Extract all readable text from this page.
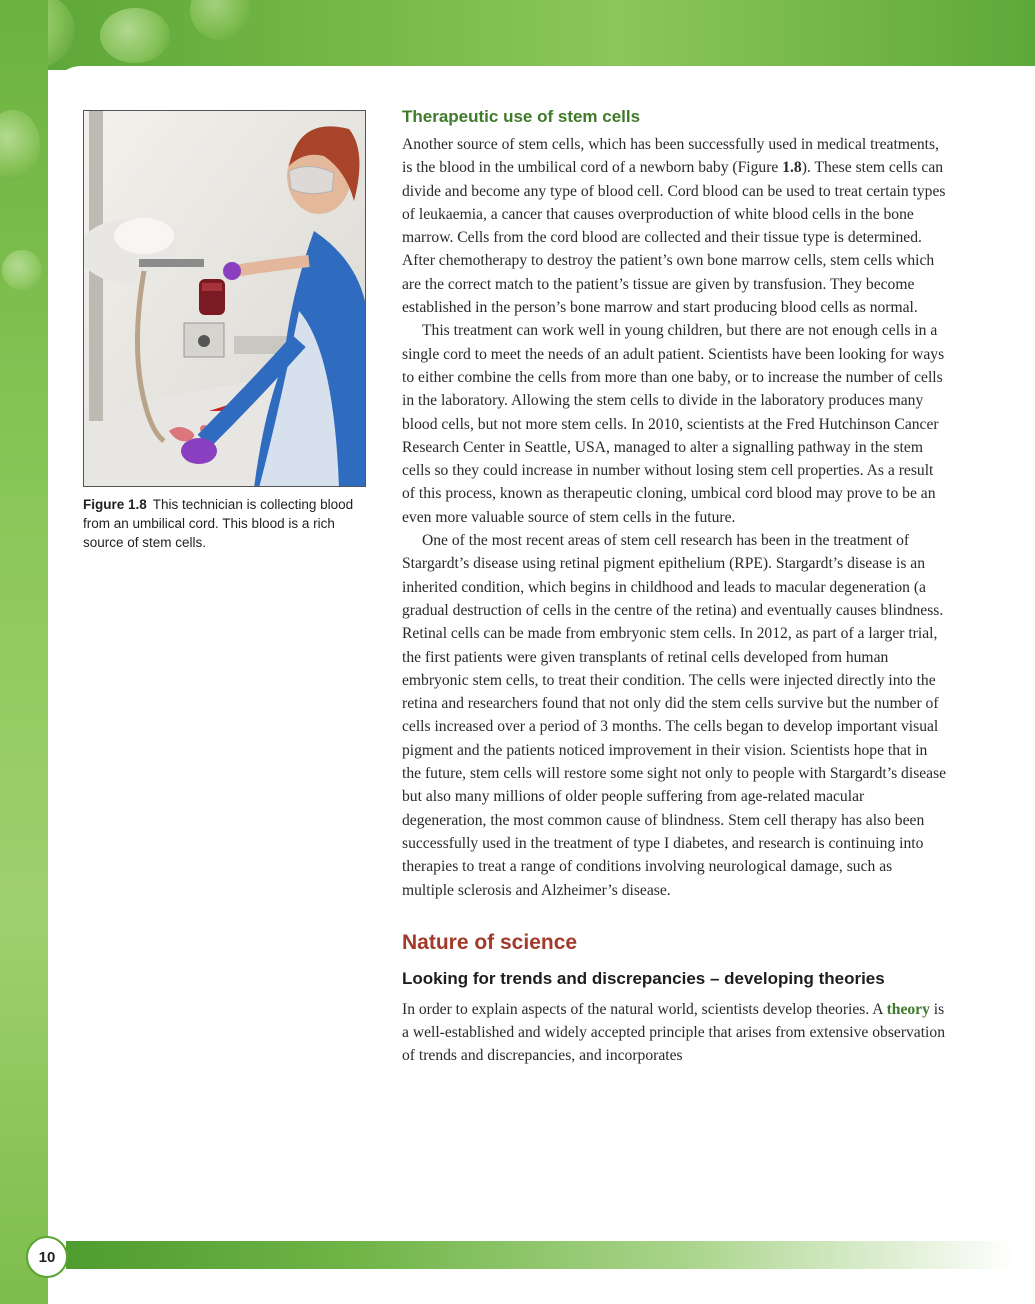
Figure 1.8 This technician is collecting blood from an umbilical cord. This blood is a rich source of stem cells.
Therapeutic use of stem cells

Another source of stem cells, which has been successfully used in medical treatments, is the blood in the umbilical cord of a newborn baby (Figure 1.8). These stem cells can divide and become any type of blood cell. Cord blood can be used to treat certain types of leukaemia, a cancer that causes overproduction of white blood cells in the bone marrow. Cells from the cord blood are collected and their tissue type is determined. After chemotherapy to destroy the patient’s own bone marrow cells, stem cells which are the correct match to the patient’s tissue are given by transfusion. They become established in the person’s bone marrow and start producing blood cells as normal.

This treatment can work well in young children, but there are not enough cells in a single cord to meet the needs of an adult patient. Scientists have been looking for ways to either combine the cells from more than one baby, or to increase the number of cells in the laboratory. Allowing the stem cells to divide in the laboratory produces many blood cells, but not more stem cells. In 2010, scientists at the Fred Hutchinson Cancer Research Center in Seattle, USA, managed to alter a signalling pathway in the stem cells so they could increase in number without losing stem cell properties. As a result of this process, known as therapeutic cloning, umbical cord blood may prove to be an even more valuable source of stem cells in the future.

One of the most recent areas of stem cell research has been in the treatment of Stargardt’s disease using retinal pigment epithelium (RPE). Stargardt’s disease is an inherited condition, which begins in childhood and leads to macular degeneration (a gradual destruction of cells in the centre of the retina) and eventually causes blindness. Retinal cells can be made from embryonic stem cells. In 2012, as part of a larger trial, the first patients were given transplants of retinal cells developed from human embryonic stem cells, to treat their condition. The cells were injected directly into the retina and researchers found that not only did the stem cells survive but the number of cells increased over a period of 3 months. The cells began to develop important visual pigment and the patients noticed improvement in their vision. Scientists hope that in the future, stem cells will restore some sight not only to people with Stargardt’s disease but also many millions of older people suffering from age-related macular degeneration, the most common cause of blindness. Stem cell therapy has also been successfully used in the treatment of type I diabetes, and research is continuing into therapies to treat a range of conditions involving neurological damage, such as multiple sclerosis and Alzheimer’s disease.

Nature of science
Looking for trends and discrepancies – developing theories

In order to explain aspects of the natural world, scientists develop theories. A theory is a well-established and widely accepted principle that arises from extensive observation of trends and discrepancies, and incorporates

10
